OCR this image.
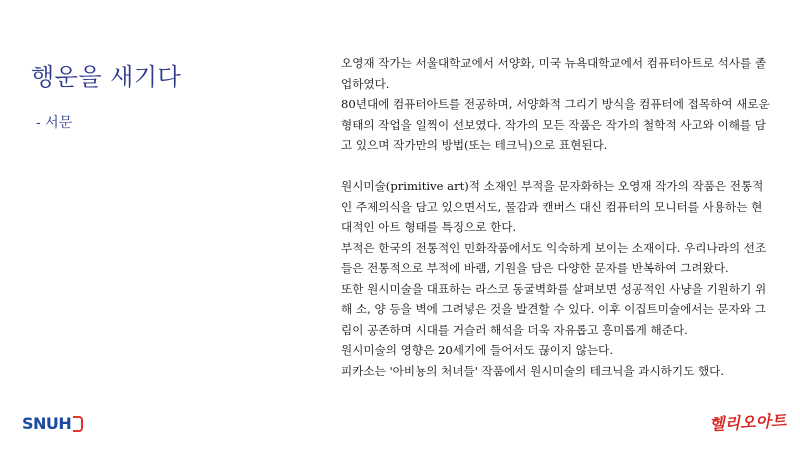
행운을 새기다

- 서문

오영재 작가는 서울대학교에서 서양화, 미국 뉴욕대학교에서 컴퓨터아트로 석사를 졸업하였다.
80년대에 컴퓨터아트를 전공하며, 서양화적 그리기 방식을 컴퓨터에 접목하여 새로운 형태의 작업을 일찍이 선보였다. 작가의 모든 작품은 작가의 철학적 사고와 이해를 담고 있으며 작가만의 방법(또는 테크닉)으로 표현된다.
원시미술(primitive art)적 소재인 부적을 문자화하는 오영재 작가의 작품은 전통적인 주제의식을 담고 있으면서도, 물감과 캔버스 대신 컴퓨터의 모니터를 사용하는 현대적인 아트 형태를 특징으로 한다.
부적은 한국의 전통적인 민화작품에서도 익숙하게 보이는 소재이다. 우리나라의 선조들은 전통적으로 부적에 바램, 기원을 담은 다양한 문자를 반복하여 그려왔다.
또한 원시미술을 대표하는 라스코 동굴벽화를 살펴보면 성공적인 사냥을 기원하기 위해 소, 양 등을 벽에 그려넣은 것을 발견할 수 있다. 이후 이집트미술에서는 문자와 그림이 공존하며 시대를 거슬러 해석을 더욱 자유롭고 흥미롭게 해준다.
원시미술의 영향은 20세기에 들어서도 끊이지 않는다.
피카소는 '아비뇽의 처녀들' 작품에서 원시미술의 테크닉을 과시하기도 했다.
SNUH	헬리오아트
